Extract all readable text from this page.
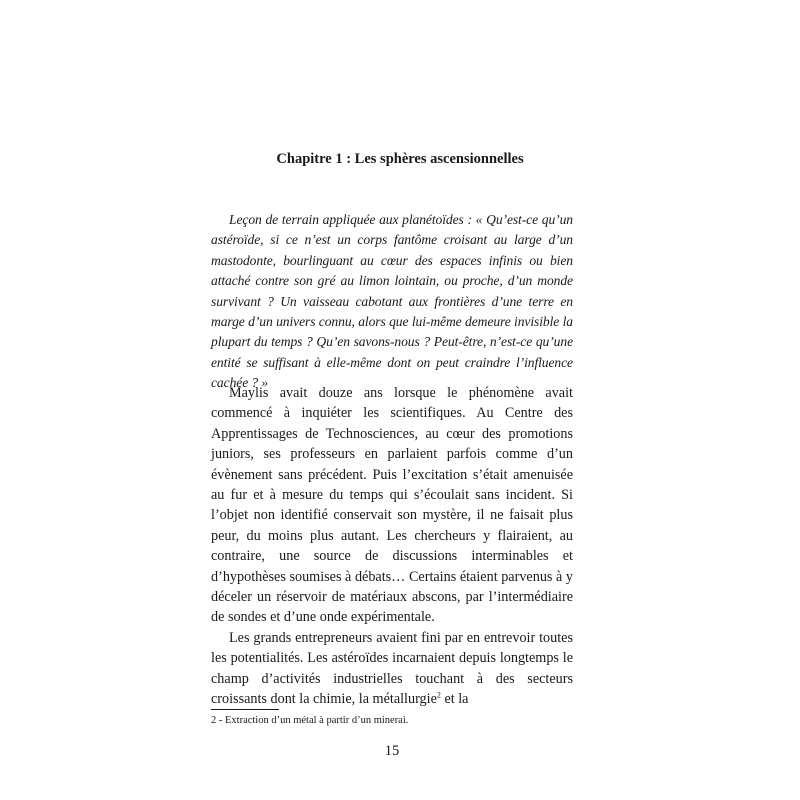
Chapitre 1 : Les sphères ascensionnelles

Leçon de terrain appliquée aux planétoïdes : « Qu’est-ce qu’un astéroïde, si ce n’est un corps fantôme croisant au large d’un mastodonte, bourlinguant au cœur des espaces infinis ou bien attaché contre son gré au limon lointain, ou proche, d’un monde survivant ? Un vaisseau cabotant aux frontières d’une terre en marge d’un univers connu, alors que lui-même demeure invisible la plupart du temps ? Qu’en savons-nous ? Peut-être, n’est-ce qu’une entité se suffisant à elle-même dont on peut craindre l’influence cachée ? »

Maylis avait douze ans lorsque le phénomène avait commencé à inquiéter les scientifiques. Au Centre des Apprentissages de Technosciences, au cœur des promotions juniors, ses professeurs en parlaient parfois comme d’un évènement sans précédent. Puis l’excitation s’était amenuisée au fur et à mesure du temps qui s’écoulait sans incident. Si l’objet non identifié conservait son mystère, il ne faisait plus peur, du moins plus autant. Les chercheurs y flairaient, au contraire, une source de discussions interminables et d’hypothèses soumises à débats… Certains étaient parvenus à y déceler un réservoir de matériaux abscons, par l’intermédiaire de sondes et d’une onde expérimentale.

Les grands entrepreneurs avaient fini par en entrevoir toutes les potentialités. Les astéroïdes incarnaient depuis longtemps le champ d’activités industrielles touchant à des secteurs croissants dont la chimie, la métallurgie$^2$ et la

2 - Extraction d’un métal à partir d’un minerai.

15
